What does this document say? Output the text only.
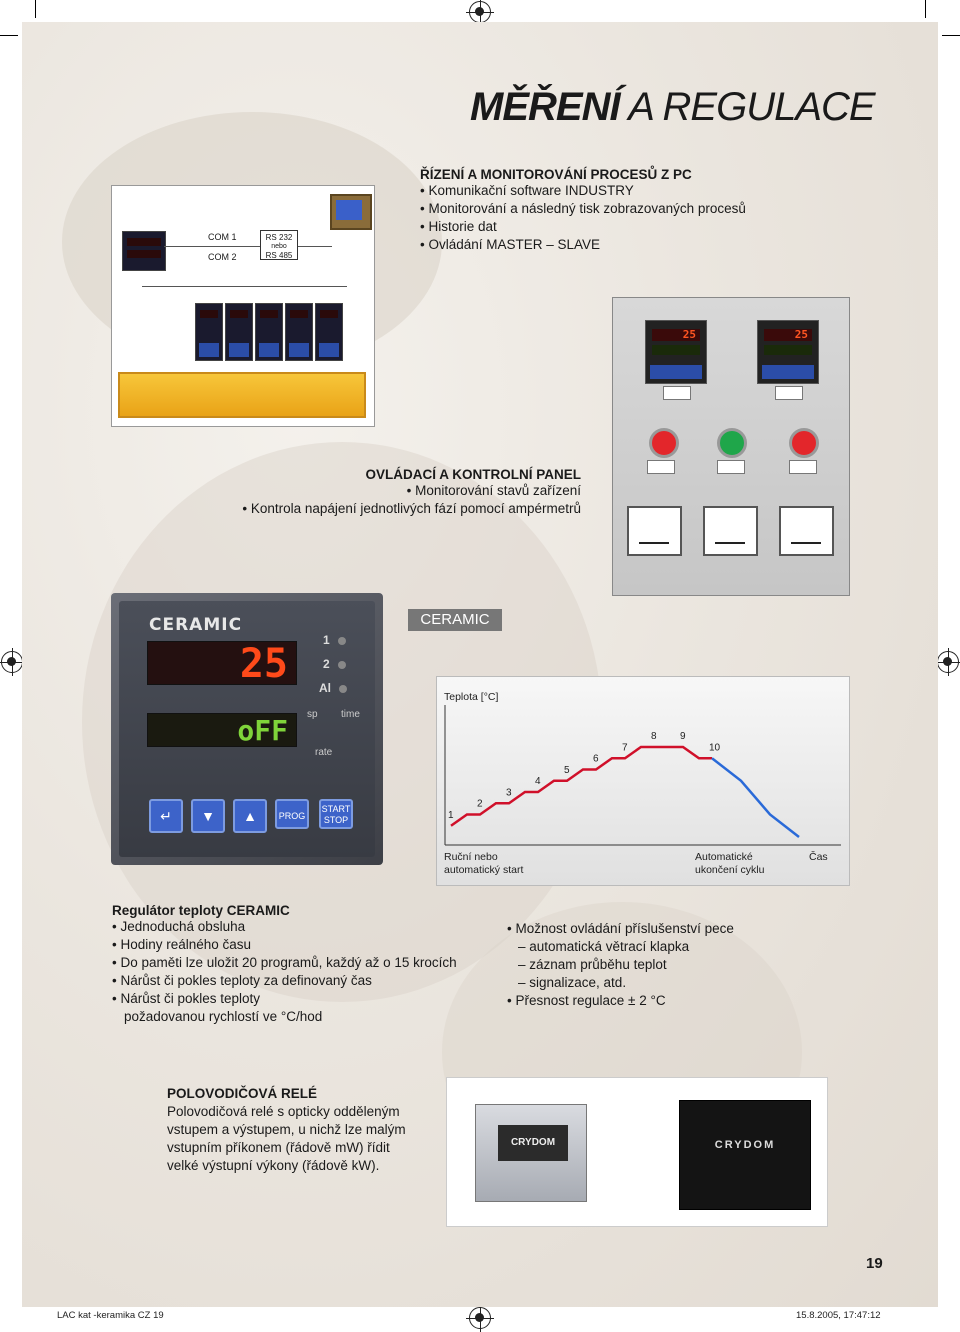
MĚŘENÍ A REGULACE
ŘÍZENÍ A MONITOROVÁNÍ PROCESŮ Z PC
• Komunikační software INDUSTRY
• Monitorování a následný tisk zobrazovaných procesů
• Historie dat
• Ovládání MASTER – SLAVE
COM 1
COM 2
RS 232
nebo
RS 485
OVLÁDACÍ A KONTROLNÍ PANEL
• Monitorování stavů zařízení
• Kontrola napájení jednotlivých fází pomocí ampérmetrů
25
25
CERAMIC
25
oFF
1
2
Al
sp time
rate
↵	▼	▲	PROG
START
STOP
CERAMIC
1
2
3
4
5
6
7
8 9
10
Teplota [°C]
Ruční nebo automatický start
Automatické ukončení cyklu
Čas
Regulátor teploty CERAMIC
• Jednoduchá obsluha
• Hodiny reálného času
• Do paměti lze uložit 20 programů, každý až o 15 krocích
• Nárůst či pokles teploty za definovaný čas
• Nárůst či pokles teploty
požadovanou rychlostí ve °C/hod
• Možnost ovládání příslušenství pece
– automatická větrací klapka
– záznam průběhu teplot
– signalizace, atd.
• Přesnost regulace ± 2 °C
POLOVODIČOVÁ RELÉ
Polovodičová relé s opticky odděleným
vstupem a výstupem, u nichž lze malým
vstupním příkonem (řádově mW) řídit
velké výstupní výkony (řádově kW).
CRYDOM	CRYDOM
19
LAC kat -keramika CZ 19	15.8.2005, 17:47:12
